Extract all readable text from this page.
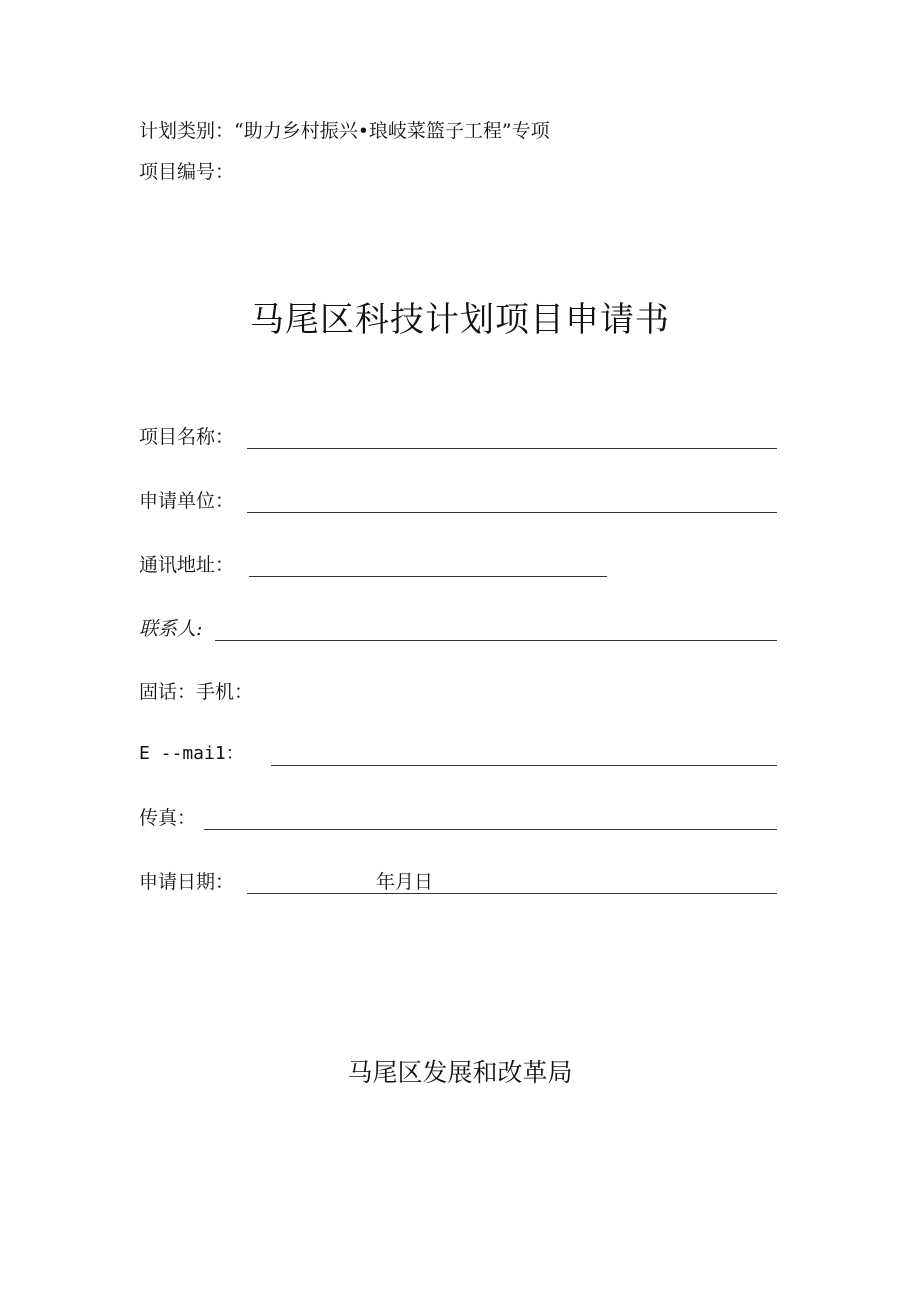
计划类别：“助力乡村振兴•琅岐菜篮子工程”专项
项目编号：
马尾区科技计划项目申请书
项目名称：
申请单位：
通讯地址：
联系人:
固话：手机：
E --mai1：
传真：
申请日期：	年月日
马尾区发展和改革局
